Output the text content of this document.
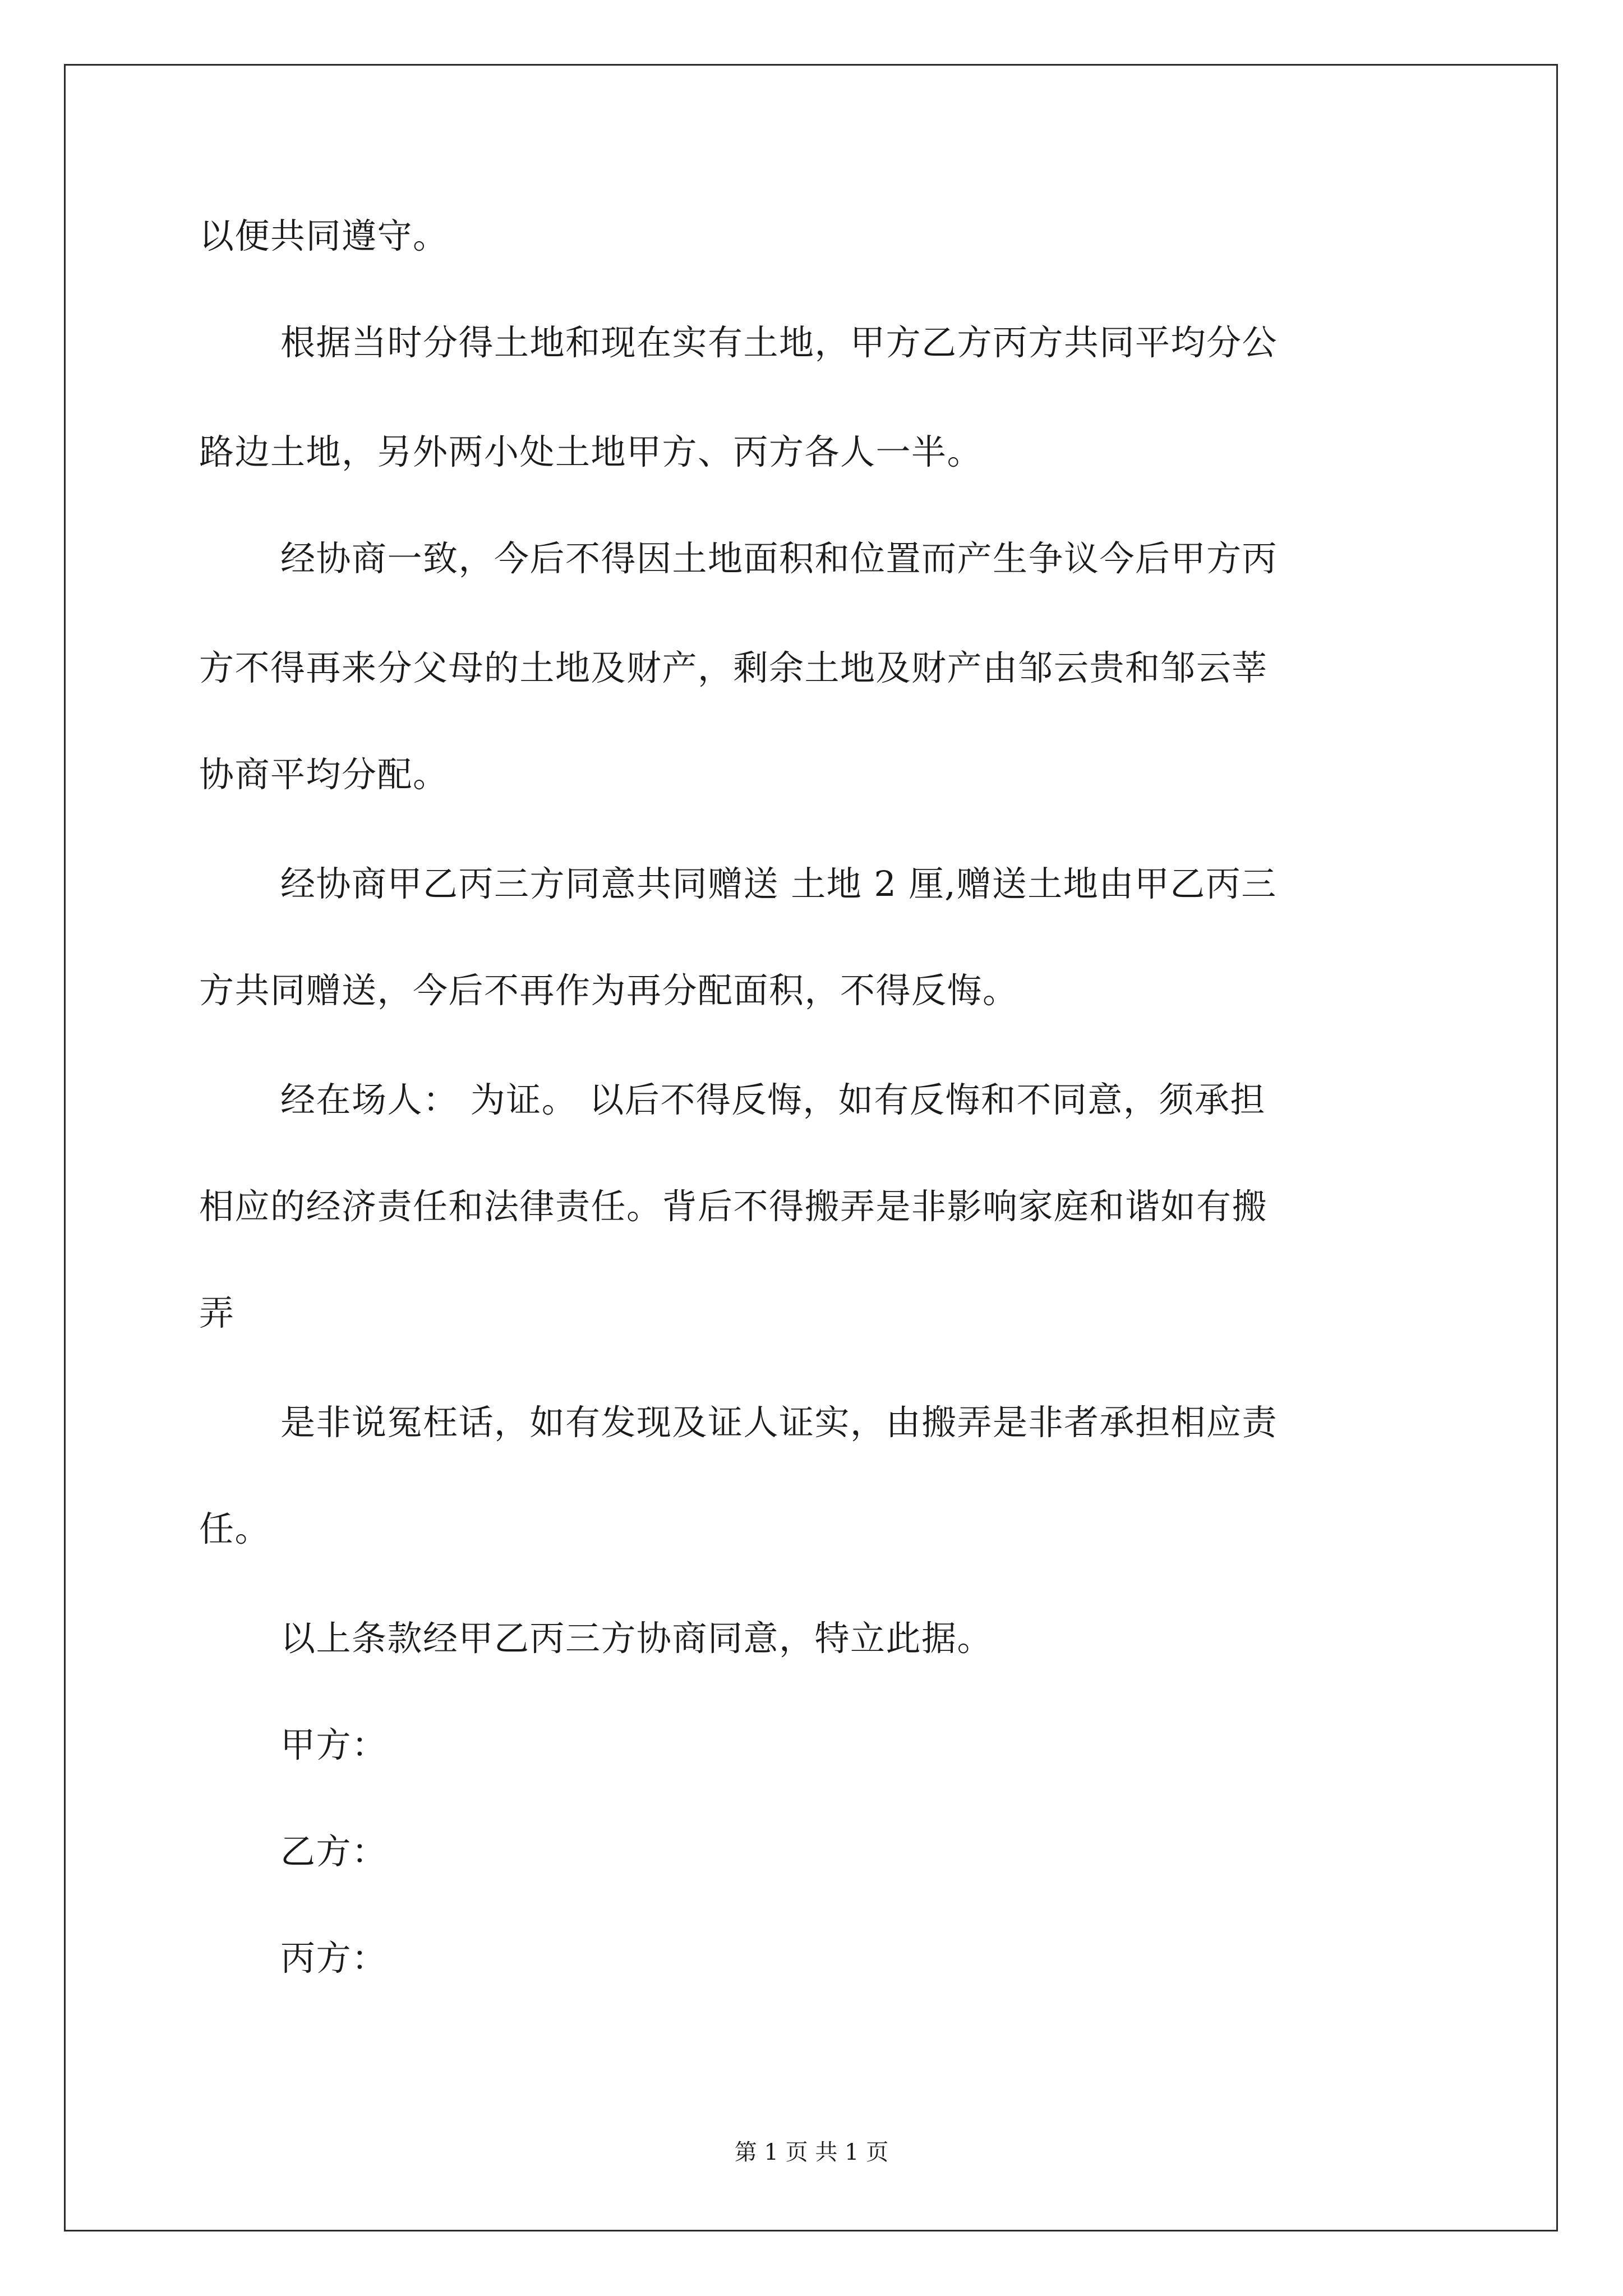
以便共同遵守。
根据当时分得土地和现在实有土地，甲方乙方丙方共同平均分公
路边土地，另外两小处土地甲方、丙方各人一半。
经协商一致，今后不得因土地面积和位置而产生争议今后甲方丙
方不得再来分父母的土地及财产，剩余土地及财产由邹云贵和邹云莘
协商平均分配。
经协商甲乙丙三方同意共同赠送 土地 2 厘,赠送土地由甲乙丙三
方共同赠送，今后不再作为再分配面积，不得反悔。
经在场人： 为证。 以后不得反悔，如有反悔和不同意，须承担
相应的经济责任和法律责任。背后不得搬弄是非影响家庭和谐如有搬
弄
是非说冤枉话，如有发现及证人证实，由搬弄是非者承担相应责
任。
以上条款经甲乙丙三方协商同意，特立此据。
甲方：
乙方：
丙方：
第 1 页 共 1 页
